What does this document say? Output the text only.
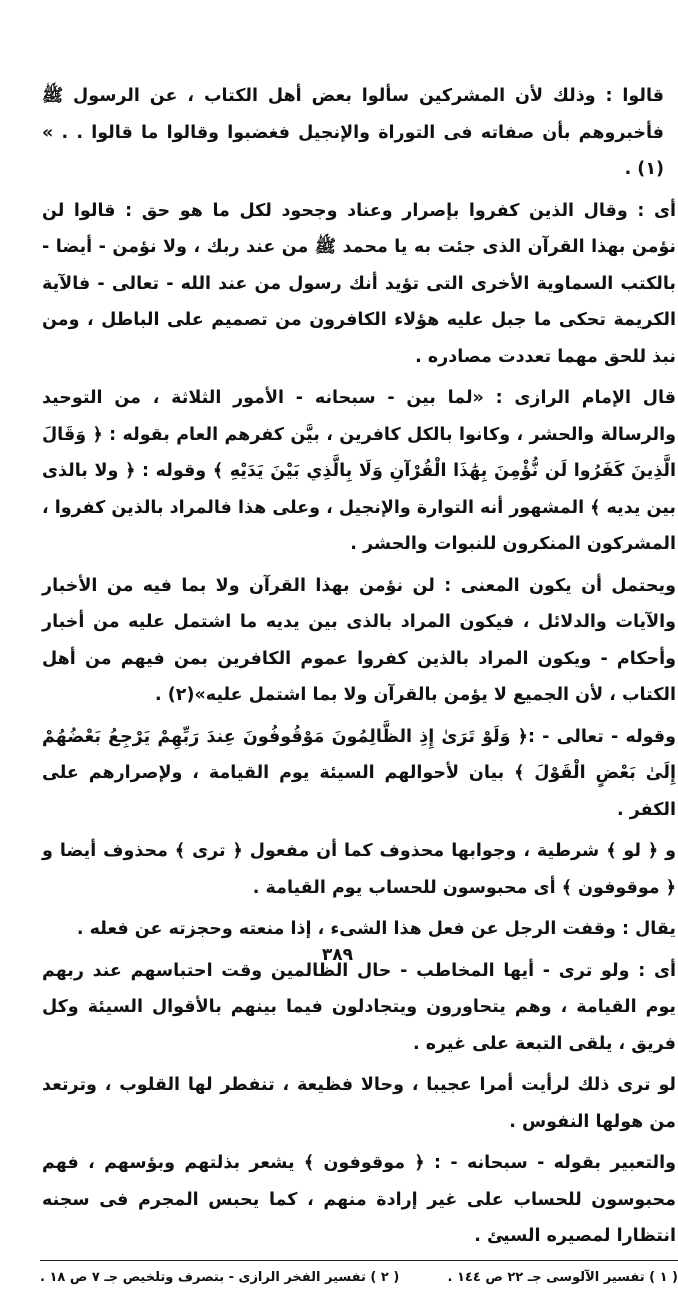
قالوا : وذلك لأن المشركين سألوا بعض أهل الكتاب ، عن الرسول ﷺ فأخبروهم بأن صفاته فى التوراة والإنجيل فغضبوا وقالوا ما قالوا . . » (١) .

أى : وقال الذين كفروا بإصرار وعناد وجحود لكل ما هو حق : قالوا لن نؤمن بهذا القرآن الذى جئت به يا محمد ﷺ من عند ربك ، ولا نؤمن - أيضا - بالكتب السماوية الأخرى التى تؤيد أنك رسول من عند الله - تعالى - فالآية الكريمة تحكى ما جبل عليه هؤلاء الكافرون من تصميم على الباطل ، ومن نبذ للحق مهما تعددت مصادره .

قال الإمام الرازى : «لما بين - سبحانه - الأمور الثلاثة ، من التوحيد والرسالة والحشر ، وكانوا بالكل كافرين ، بيَّن كفرهم العام بقوله : ﴿ وَقَالَ الَّذِينَ كَفَرُوا لَن نُّؤْمِنَ بِهَٰذَا الْقُرْآنِ وَلَا بِالَّذِي بَيْنَ يَدَيْهِ ﴾ وقوله : ﴿ ولا بالذى بين يديه ﴾ المشهور أنه التوارة والإنجيل ، وعلى هذا فالمراد بالذين كفروا ، المشركون المنكرون للنبوات والحشر .

ويحتمل أن يكون المعنى : لن نؤمن بهذا القرآن ولا بما فيه من الأخبار والآيات والدلائل ، فيكون المراد بالذى بين يديه ما اشتمل عليه من أخبار وأحكام - ويكون المراد بالذين كفروا عموم الكافرين بمن فيهم من أهل الكتاب ، لأن الجميع لا يؤمن بالقرآن ولا بما اشتمل عليه»(٢) .

وقوله - تعالى - :﴿ وَلَوْ تَرَىٰ إِذِ الظَّالِمُونَ مَوْقُوفُونَ عِندَ رَبِّهِمْ يَرْجِعُ بَعْضُهُمْ إِلَىٰ بَعْضٍ الْقَوْلَ ﴾ بيان لأحوالهم السيئة يوم القيامة ، ولإصرارهم على الكفر .

و ﴿ لو ﴾ شرطية ، وجوابها محذوف كما أن مفعول ﴿ ترى ﴾ محذوف أيضا و ﴿ موقوفون ﴾ أى محبوسون للحساب يوم القيامة .

يقال : وقفت الرجل عن فعل هذا الشىء ، إذا منعته وحجزته عن فعله .

أى : ولو ترى - أيها المخاطب - حال الظالمين وقت احتباسهم عند ربهم يوم القيامة ، وهم يتحاورون ويتجادلون فيما بينهم بالأقوال السيئة وكل فريق ، يلقى التبعة على غيره .

لو ترى ذلك لرأيت أمرا عجيبا ، وحالا فظيعة ، تنفطر لها القلوب ، وترتعد من هولها النفوس .

والتعبير بقوله - سبحانه - : ﴿ موقوفون ﴾ يشعر بذلتهم وبؤسهم ، فهم محبوسون للحساب على غير إرادة منهم ، كما يحبس المجرم فى سجنه انتظارا لمصيره السيئ .

( ١ ) تفسير الآلوسى جـ ٢٢ ص ١٤٤ .
( ٢ ) تفسير الفخر الرازى - بتصرف وتلخيص جـ ٧ ص ١٨ .
٣٨٩
